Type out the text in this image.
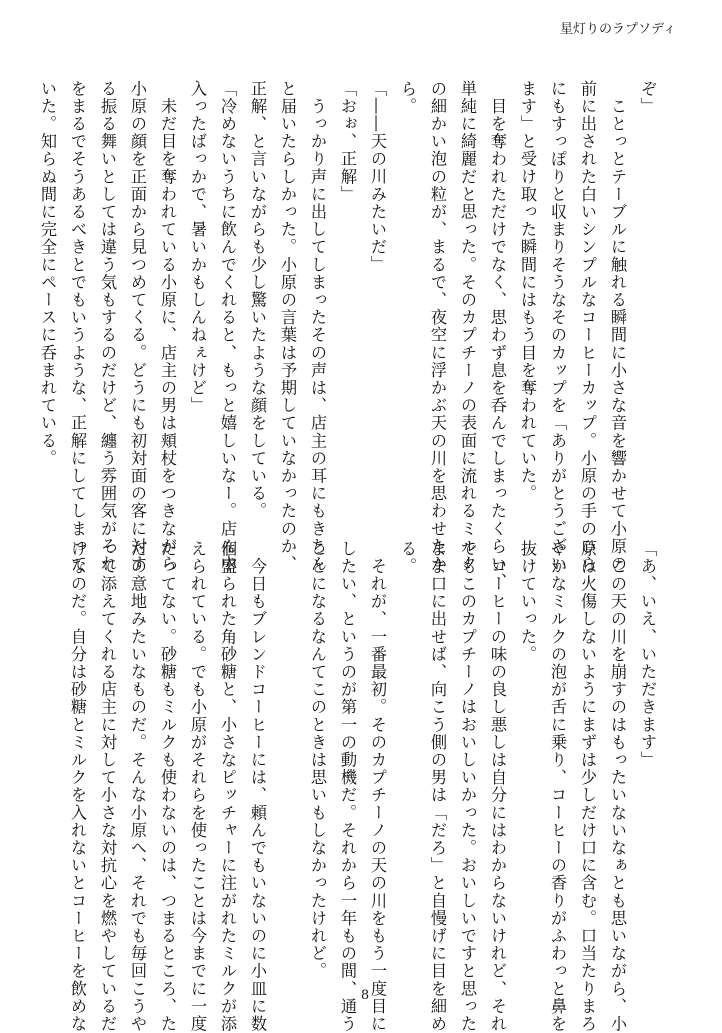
星灯りのラプソディ

ぞ」

　ことっとテーブルに触れる瞬間に小さな音を響かせて小原の

前に出された白いシンプルなコーヒーカップ。小原の手のひら

にもすっぽりと収まりそうなそのカップを「ありがとうござい

ます」と受け取った瞬間にはもう目を奪われていた。

　目を奪われただけでなく、思わず息を呑んでしまったくらい、

単純に綺麗だと思った。そのカプチーノの表面に流れるミルク

の細かい泡の粒が、まるで、夜空に浮かぶ天の川を思わせたか

ら。

「――天の川みたいだ」

「おぉ、正解」

　うっかり声に出してしまったその声は、店主の耳にもきちん

と届いたらしかった。小原の言葉は予期していなかったのか、

正解、と言いながらも少し驚いたような顔をしている。

「冷めないうちに飲んでくれると、もっと嬉しいなー。店ん中

入ったばっかで、暑いかもしんねぇけど」

　未だ目を奪われている小原に、店主の男は頬杖をつきながら

小原の顔を正面から見つめてくる。どうにも初対面の客に対す

る振る舞いとしては違う気もするのだけど、纏う雰囲気がそれ

をまるでそうあるべきとでもいうような、正解にしてしまって

いた。知らぬ間に完全にペースに呑まれている。

「あ、いえ、いただきます」

　この天の川を崩すのはもったいないなぁとも思いながら、小

原は火傷しないようにまずは少しだけ口に含む。口当たりまろ

やかなミルクの泡が舌に乗り、コーヒーの香りがふわっと鼻を

抜けていった。

　コーヒーの味の良し悪しは自分にはわからないけれど、それ

でもこのカプチーノはおいしいかった。おいしいですと思った

まま口に出せば、向こう側の男は「だろ」と自慢げに目を細め

る。

　それが、一番最初。そのカプチーノの天の川をもう一度目に

したい、というのが第一の動機だ。それから一年もの間、通う

ことになるなんてこのときは思いもしなかったけれど。

　今日もブレンドコーヒーには、頼んでもいないのに小皿に数

個盛られた角砂糖と、小さなピッチャーに注がれたミルクが添

えられている。でも小原がそれらを使ったことは今までに一度

だってない。砂糖もミルクも使わないのは、つまるところ、た

だの意地みたいなものだ。そんな小原へ、それでも毎回こうや

って添えてくれる店主に対して小さな対抗心を燃やしているだ

けなのだ。自分は砂糖とミルクを入れないとコーヒーを飲めな	8
